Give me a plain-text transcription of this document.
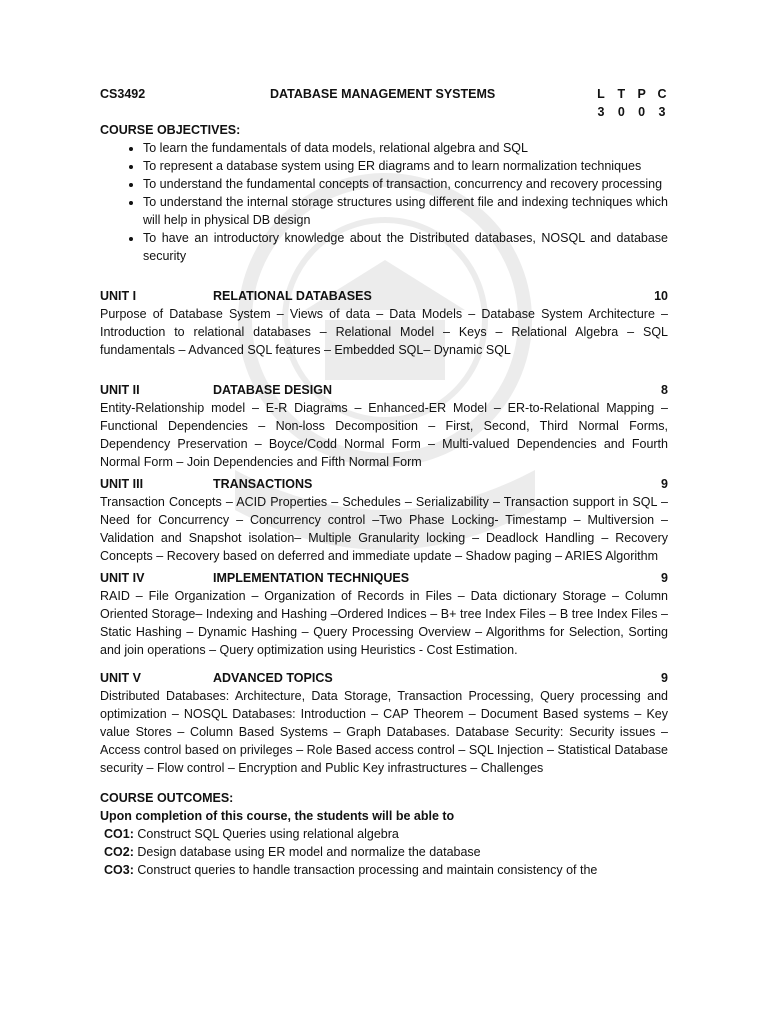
CS3492	DATABASE MANAGEMENT SYSTEMS	L T P C
3 0 0 3

COURSE OBJECTIVES:

• To learn the fundamentals of data models, relational algebra and SQL
• To represent a database system using ER diagrams and to learn normalization techniques
• To understand the fundamental concepts of transaction, concurrency and recovery processing
• To understand the internal storage structures using different file and indexing techniques which will help in physical DB design
• To have an introductory knowledge about the Distributed databases, NOSQL and database security
UNIT I	RELATIONAL DATABASES	10
Purpose of Database System – Views of data – Data Models – Database System Architecture – Introduction to relational databases – Relational Model – Keys – Relational Algebra – SQL fundamentals – Advanced SQL features – Embedded SQL– Dynamic SQL
UNIT II	DATABASE DESIGN	8
Entity-Relationship model – E-R Diagrams – Enhanced-ER Model – ER-to-Relational Mapping – Functional Dependencies – Non-loss Decomposition – First, Second, Third Normal Forms, Dependency Preservation – Boyce/Codd Normal Form – Multi-valued Dependencies and Fourth Normal Form – Join Dependencies and Fifth Normal Form
UNIT III	TRANSACTIONS	9
Transaction Concepts – ACID Properties – Schedules – Serializability – Transaction support in SQL – Need for Concurrency – Concurrency control –Two Phase Locking- Timestamp – Multiversion – Validation and Snapshot isolation– Multiple Granularity locking – Deadlock Handling – Recovery Concepts – Recovery based on deferred and immediate update – Shadow paging – ARIES Algorithm
UNIT IV	IMPLEMENTATION TECHNIQUES	9
RAID – File Organization – Organization of Records in Files – Data dictionary Storage – Column Oriented Storage– Indexing and Hashing –Ordered Indices – B+ tree Index Files – B tree Index Files – Static Hashing – Dynamic Hashing – Query Processing Overview – Algorithms for Selection, Sorting and join operations – Query optimization using Heuristics - Cost Estimation.
UNIT V	ADVANCED TOPICS	9
Distributed Databases: Architecture, Data Storage, Transaction Processing, Query processing and optimization – NOSQL Databases: Introduction – CAP Theorem – Document Based systems – Key value Stores – Column Based Systems – Graph Databases. Database Security: Security issues – Access control based on privileges – Role Based access control – SQL Injection – Statistical Database security – Flow control – Encryption and Public Key infrastructures – Challenges

COURSE OUTCOMES:

Upon completion of this course, the students will be able to

CO1: Construct SQL Queries using relational algebra
CO2: Design database using ER model and normalize the database
CO3: Construct queries to handle transaction processing and maintain consistency of the
